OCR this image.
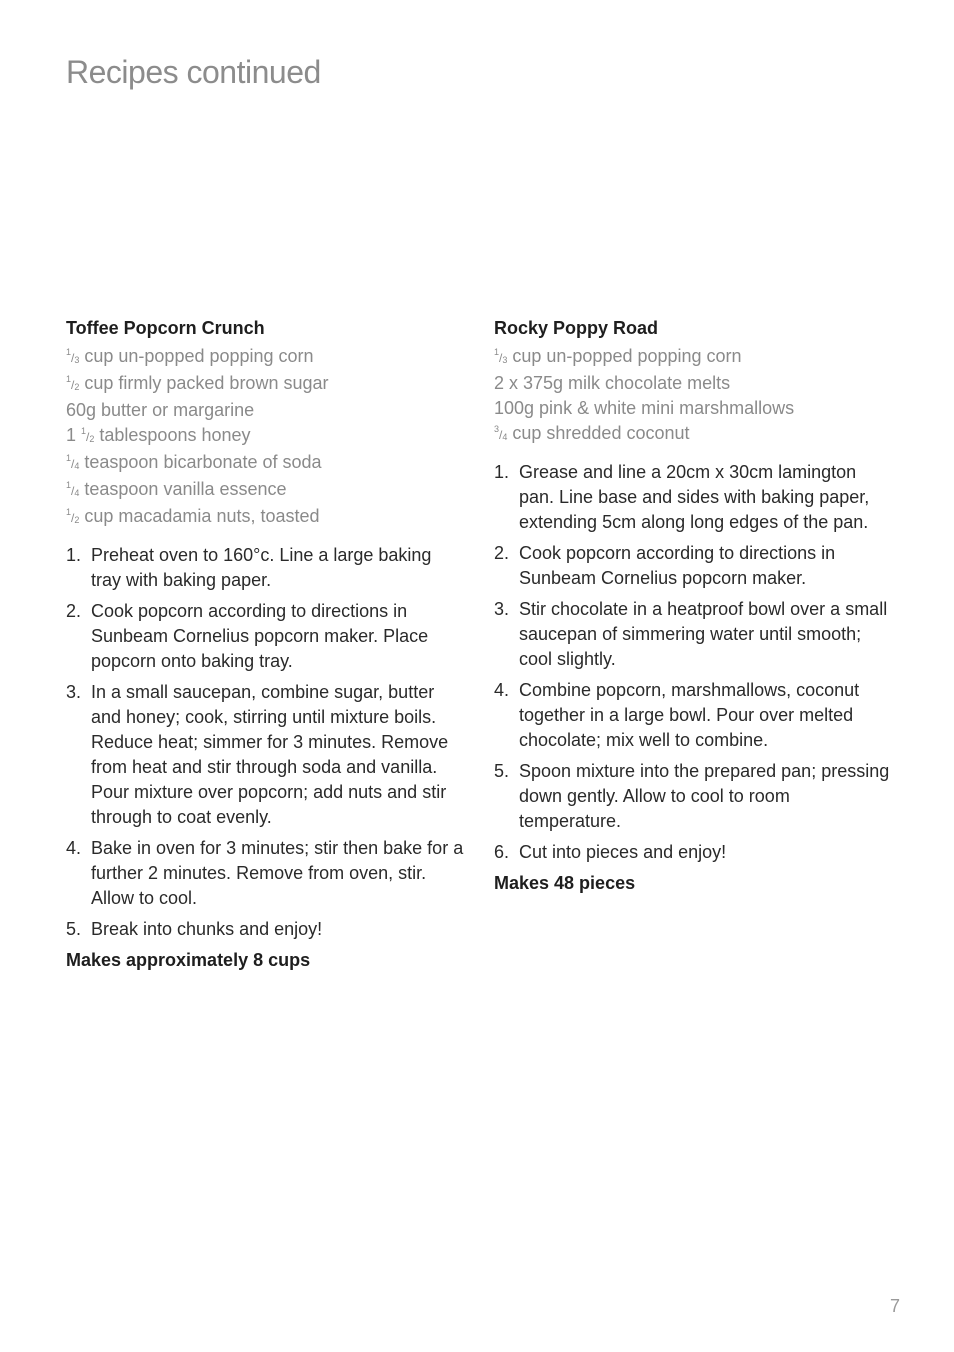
Recipes continued
Toffee Popcorn Crunch
$^1/_3$ cup un-popped popping corn
$^1/_2$ cup firmly packed brown sugar
60g butter or margarine
1 $^1/_2$ tablespoons honey
$^1/_4$ teaspoon bicarbonate of soda
$^1/_4$ teaspoon vanilla essence
$^1/_2$ cup macadamia nuts, toasted
1. Preheat oven to 160°c. Line a large baking tray with baking paper.
2. Cook popcorn according to directions in Sunbeam Cornelius popcorn maker. Place popcorn onto baking tray.
3. In a small saucepan, combine sugar, butter and honey; cook, stirring until mixture boils. Reduce heat; simmer for 3 minutes. Remove from heat and stir through soda and vanilla. Pour mixture over popcorn; add nuts and stir through to coat evenly.
4. Bake in oven for 3 minutes; stir then bake for a further 2 minutes. Remove from oven, stir. Allow to cool.
5. Break into chunks and enjoy!

Makes approximately 8 cups

Rocky Poppy Road
$^1/_3$ cup un-popped popping corn
2 x 375g milk chocolate melts
100g pink & white mini marshmallows
$^3/_4$ cup shredded coconut
1. Grease and line a 20cm x 30cm lamington pan. Line base and sides with baking paper, extending 5cm along long edges of the pan.
2. Cook popcorn according to directions in Sunbeam Cornelius popcorn maker.
3. Stir chocolate in a heatproof bowl over a small saucepan of simmering water until smooth; cool slightly.
4. Combine popcorn, marshmallows, coconut together in a large bowl. Pour over melted chocolate; mix well to combine.
5. Spoon mixture into the prepared pan; pressing down gently. Allow to cool to room temperature.
6. Cut into pieces and enjoy!

Makes 48 pieces

7
